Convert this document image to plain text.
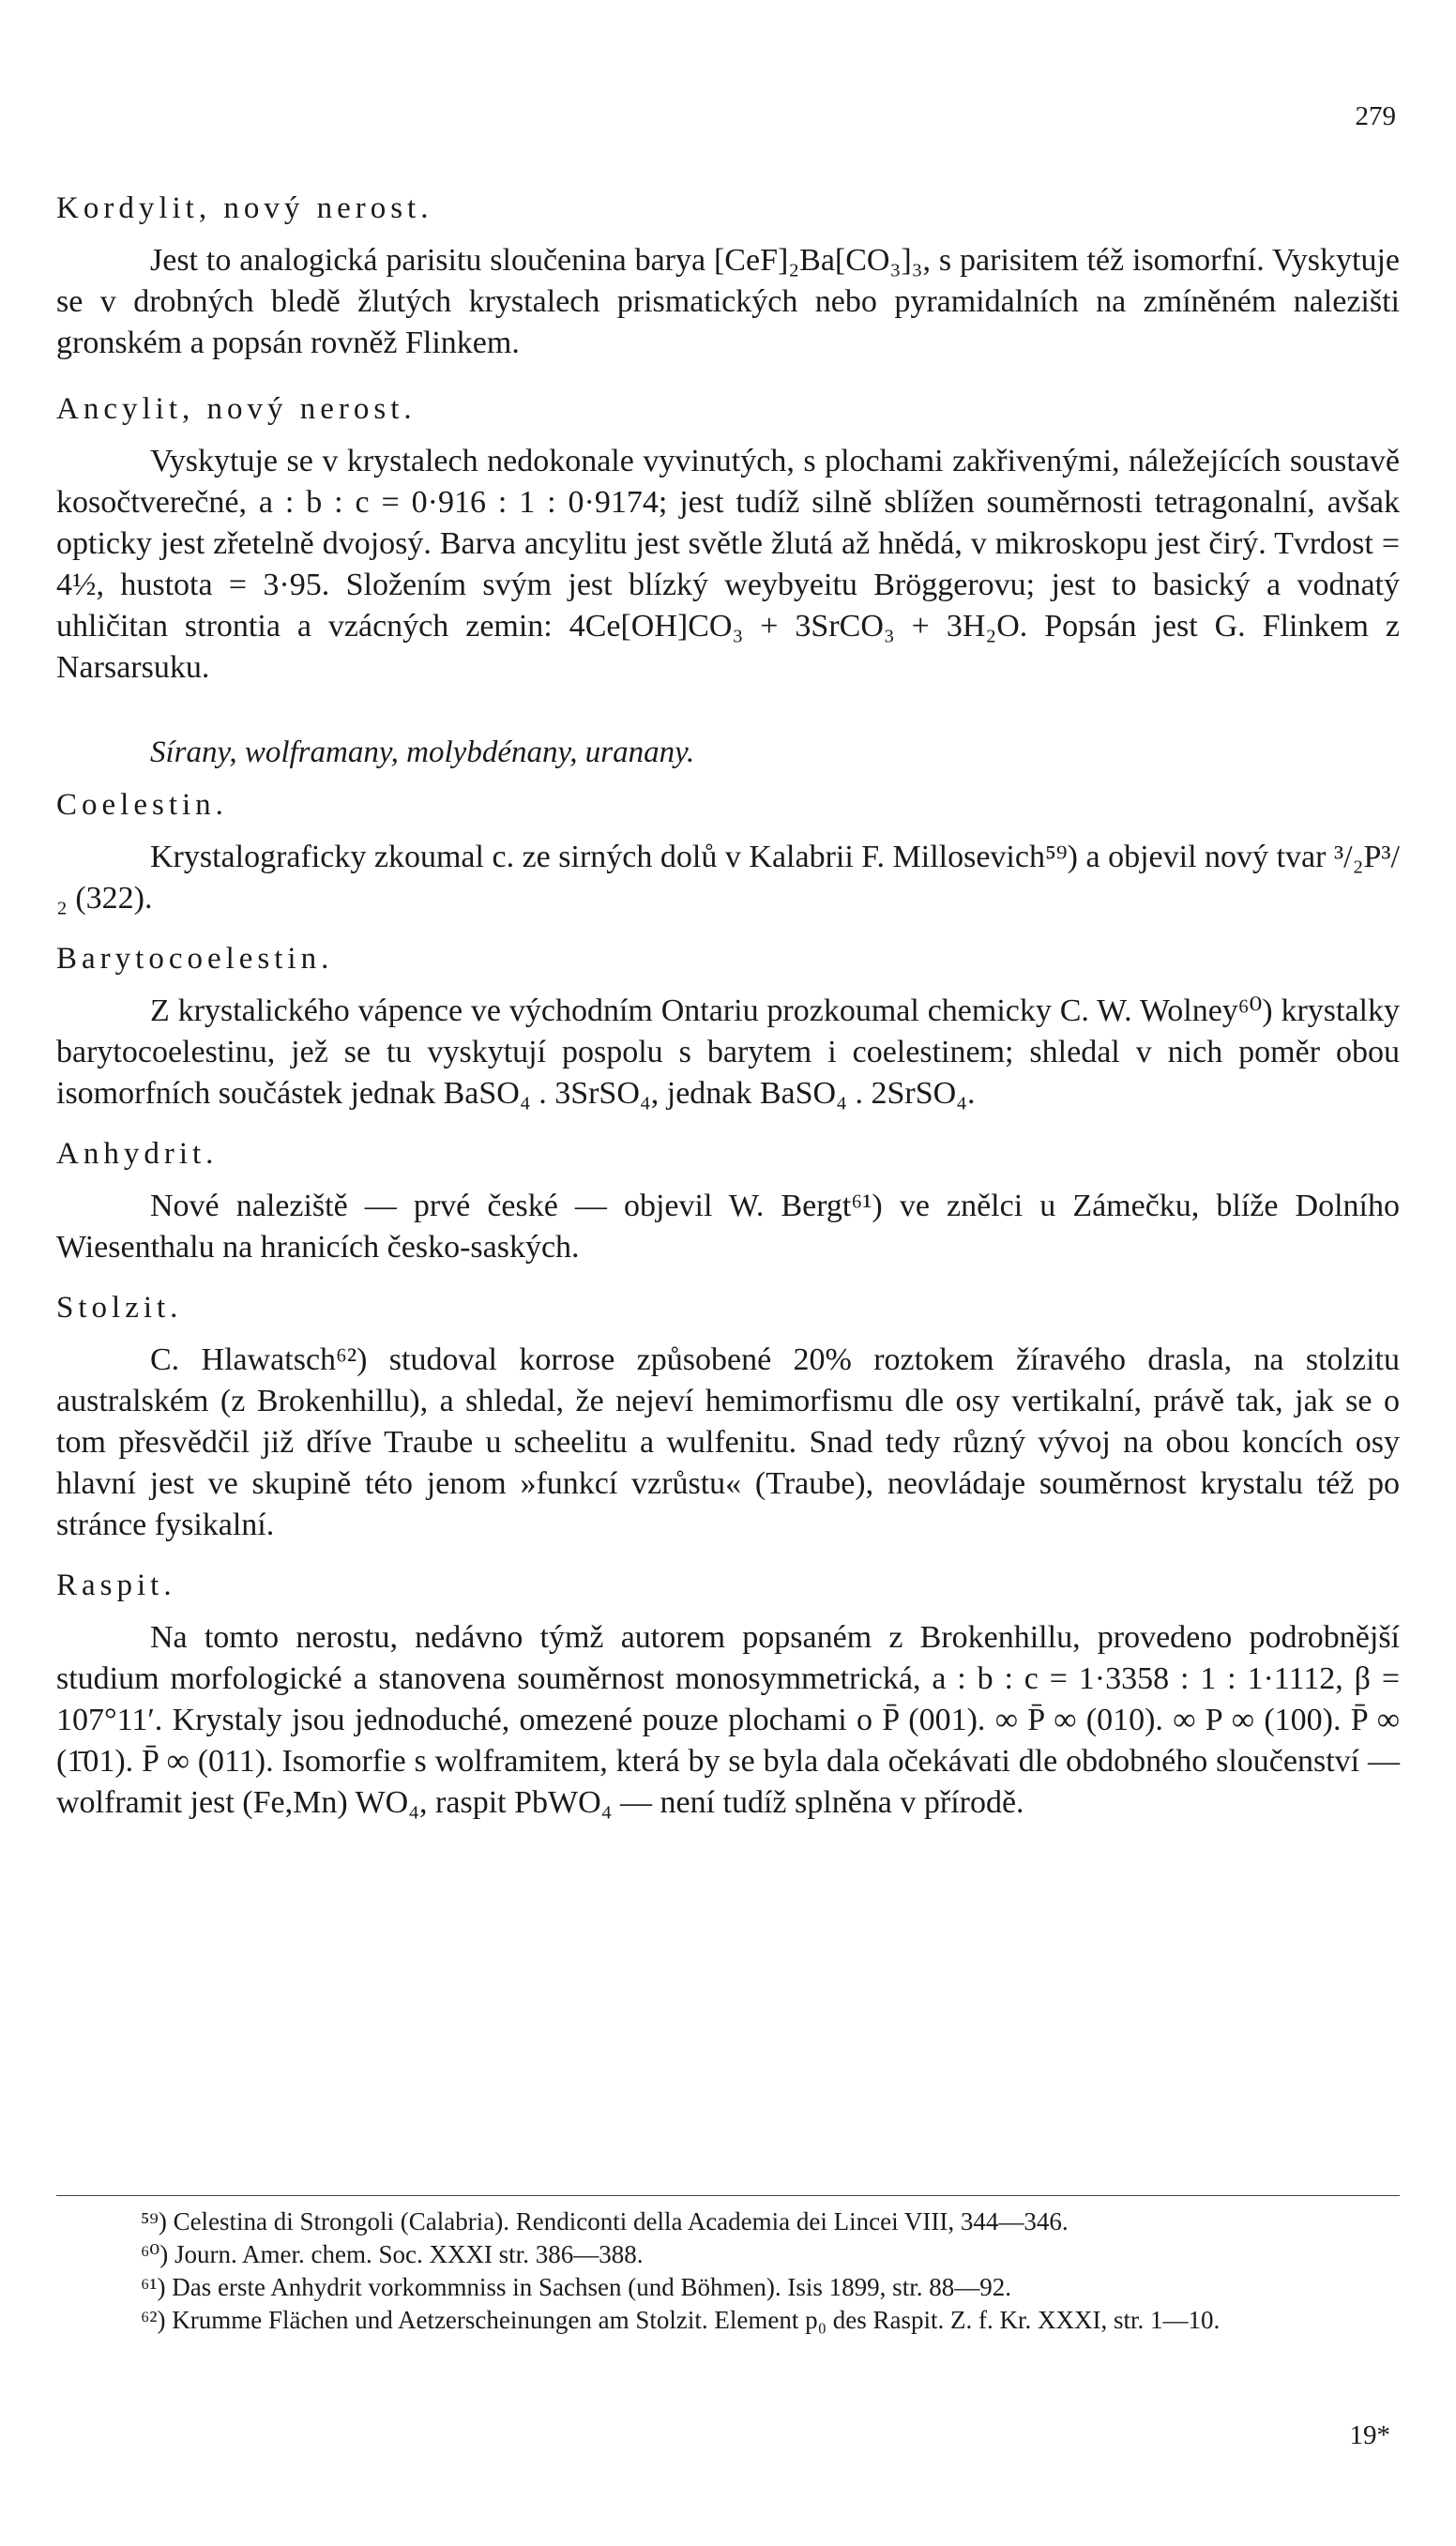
279
Kordylit, nový nerost.

Jest to analogická parisitu sloučenina barya [CeF]₂Ba[CO₃]₃, s parisitem též isomorfní. Vyskytuje se v drobných bledě žlutých krystalech prismatických nebo pyramidalních na zmíněném nalezišti gronském a popsán rovněž Flinkem.

Ancylit, nový nerost.

Vyskytuje se v krystalech nedokonale vyvinutých, s plochami zakřivenými, náležejících soustavě kosočtverečné, a : b : c = 0·916 : 1 : 0·9174; jest tudíž silně sblížen souměrnosti tetragonalní, avšak opticky jest zřetelně dvojosý. Barva ancylitu jest světle žlutá až hnědá, v mikroskopu jest čirý. Tvrdost = 4½, hustota = 3·95. Složením svým jest blízký weybyeitu Bröggerovu; jest to basický a vodnatý uhličitan strontia a vzácných zemin: 4Ce[OH]CO₃ + 3SrCO₃ + 3H₂O. Popsán jest G. Flinkem z Narsarsuku.

Sírany, wolframany, molybdénany, uranany.
Coelestin.

Krystalograficky zkoumal c. ze sirných dolů v Kalabrii F. Millosevich⁵⁹) a objevil nový tvar ³/₂P³/₂ (322).

Barytocoelestin.

Z krystalického vápence ve východním Ontariu prozkoumal chemicky C. W. Wolney⁶⁰) krystalky barytocoelestinu, jež se tu vyskytují pospolu s barytem i coelestinem; shledal v nich poměr obou isomorfních součástek jednak BaSO₄ . 3SrSO₄, jednak BaSO₄ . 2SrSO₄.

Anhydrit.

Nové naleziště — prvé české — objevil W. Bergt⁶¹) ve znělci u Zámečku, blíže Dolního Wiesenthalu na hranicích česko-saských.

Stolzit.

C. Hlawatsch⁶²) studoval korrose způsobené 20% roztokem žíravého drasla, na stolzitu australském (z Brokenhillu), a shledal, že nejeví hemimorfismu dle osy vertikalní, právě tak, jak se o tom přesvědčil již dříve Traube u scheelitu a wulfenitu. Snad tedy různý vývoj na obou koncích osy hlavní jest ve skupině této jenom »funkcí vzrůstu« (Traube), neovládaje souměrnost krystalu též po stránce fysikalní.

Raspit.

Na tomto nerostu, nedávno týmž autorem popsaném z Brokenhillu, provedeno podrobnější studium morfologické a stanovena souměrnost monosymmetrická, a : b : c = 1·3358 : 1 : 1·1112, β = 107°11′. Krystaly jsou jednoduché, omezené pouze plochami o P̄ (001). ∞ P̄ ∞ (010). ∞ P ∞ (100). P̄ ∞ (1̄01). P̄ ∞ (011). Isomorfie s wolframitem, která by se byla dala očekávati dle obdobného sloučenství — wolframit jest (Fe,Mn) WO₄, raspit PbWO₄ — není tudíž splněna v přírodě.

⁵⁹) Celestina di Strongoli (Calabria). Rendiconti della Academia dei Lincei VIII, 344—346.

⁶⁰) Journ. Amer. chem. Soc. XXXI str. 386—388.

⁶¹) Das erste Anhydrit vorkommniss in Sachsen (und Böhmen). Isis 1899, str. 88—92.

⁶²) Krumme Flächen und Aetzerscheinungen am Stolzit. Element p₀ des Raspit. Z. f. Kr. XXXI, str. 1—10.

19*
